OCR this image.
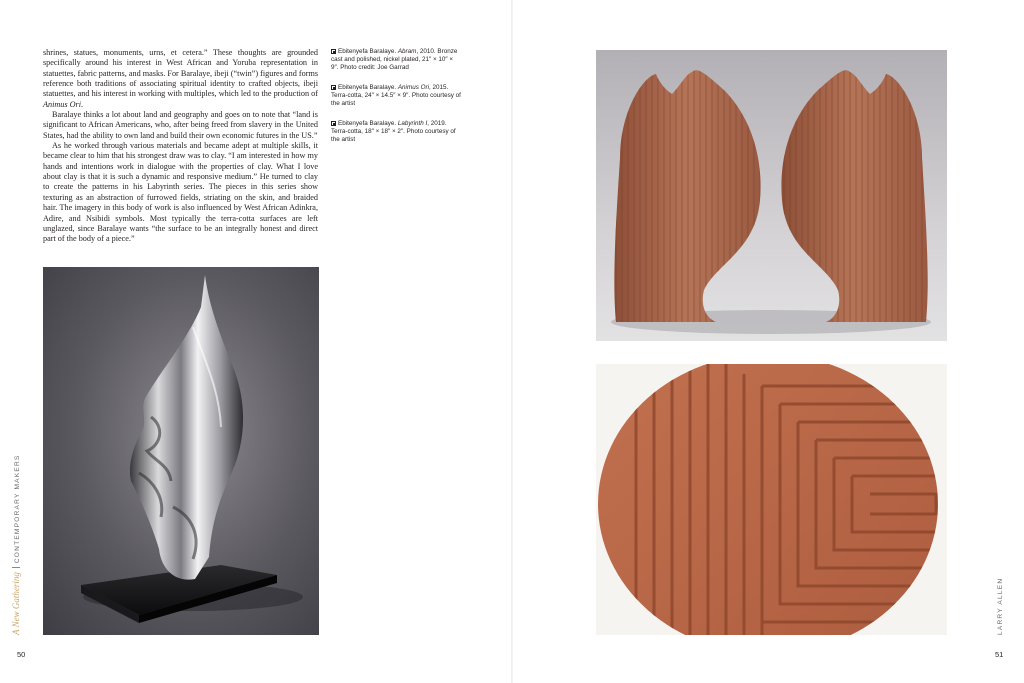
shrines, statues, monuments, urns, et cetera.” These thoughts are grounded specifically around his interest in West African and Yoruba representation in statuettes, fabric patterns, and masks. For Baralaye, ibeji (“twin”) figures and forms reference both traditions of associating spiritual identity to crafted objects, ibeji statuettes, and his interest in working with multiples, which led to the production of Animus Ori.

Baralaye thinks a lot about land and geography and goes on to note that “land is significant to African Americans, who, after being freed from slavery in the United States, had the ability to own land and build their own economic futures in the US.”

As he worked through various materials and became adept at multiple skills, it became clear to him that his strongest draw was to clay. “I am interested in how my hands and intentions work in dialogue with the properties of clay. What I love about clay is that it is such a dynamic and responsive medium.” He turned to clay to create the patterns in his Labyrinth series. The pieces in this series show texturing as an abstraction of furrowed fields, striating on the skin, and braided hair. The imagery in this body of work is also influenced by West African Adinkra, Adire, and Nsibidi symbols. Most typically the terra-cotta surfaces are left unglazed, since Baralaye wants “the surface to be an integrally honest and direct part of the body of a piece.”

Ebitenyefa Baralaye. Abram, 2010. Bronze cast and polished, nickel plated, 21″ × 10″ × 9″. Photo credit: Joe Garrad

Ebitenyefa Baralaye. Animus Ori, 2015. Terra-cotta, 24″ × 14.5″ × 9″. Photo courtesy of the artist

Ebitenyefa Baralaye. Labyrinth I, 2019. Terra-cotta, 18″ × 18″ × 2″. Photo courtesy of the artist

A New GatheringCONTEMPORARY MAKERS
LARRY ALLEN
50	51
